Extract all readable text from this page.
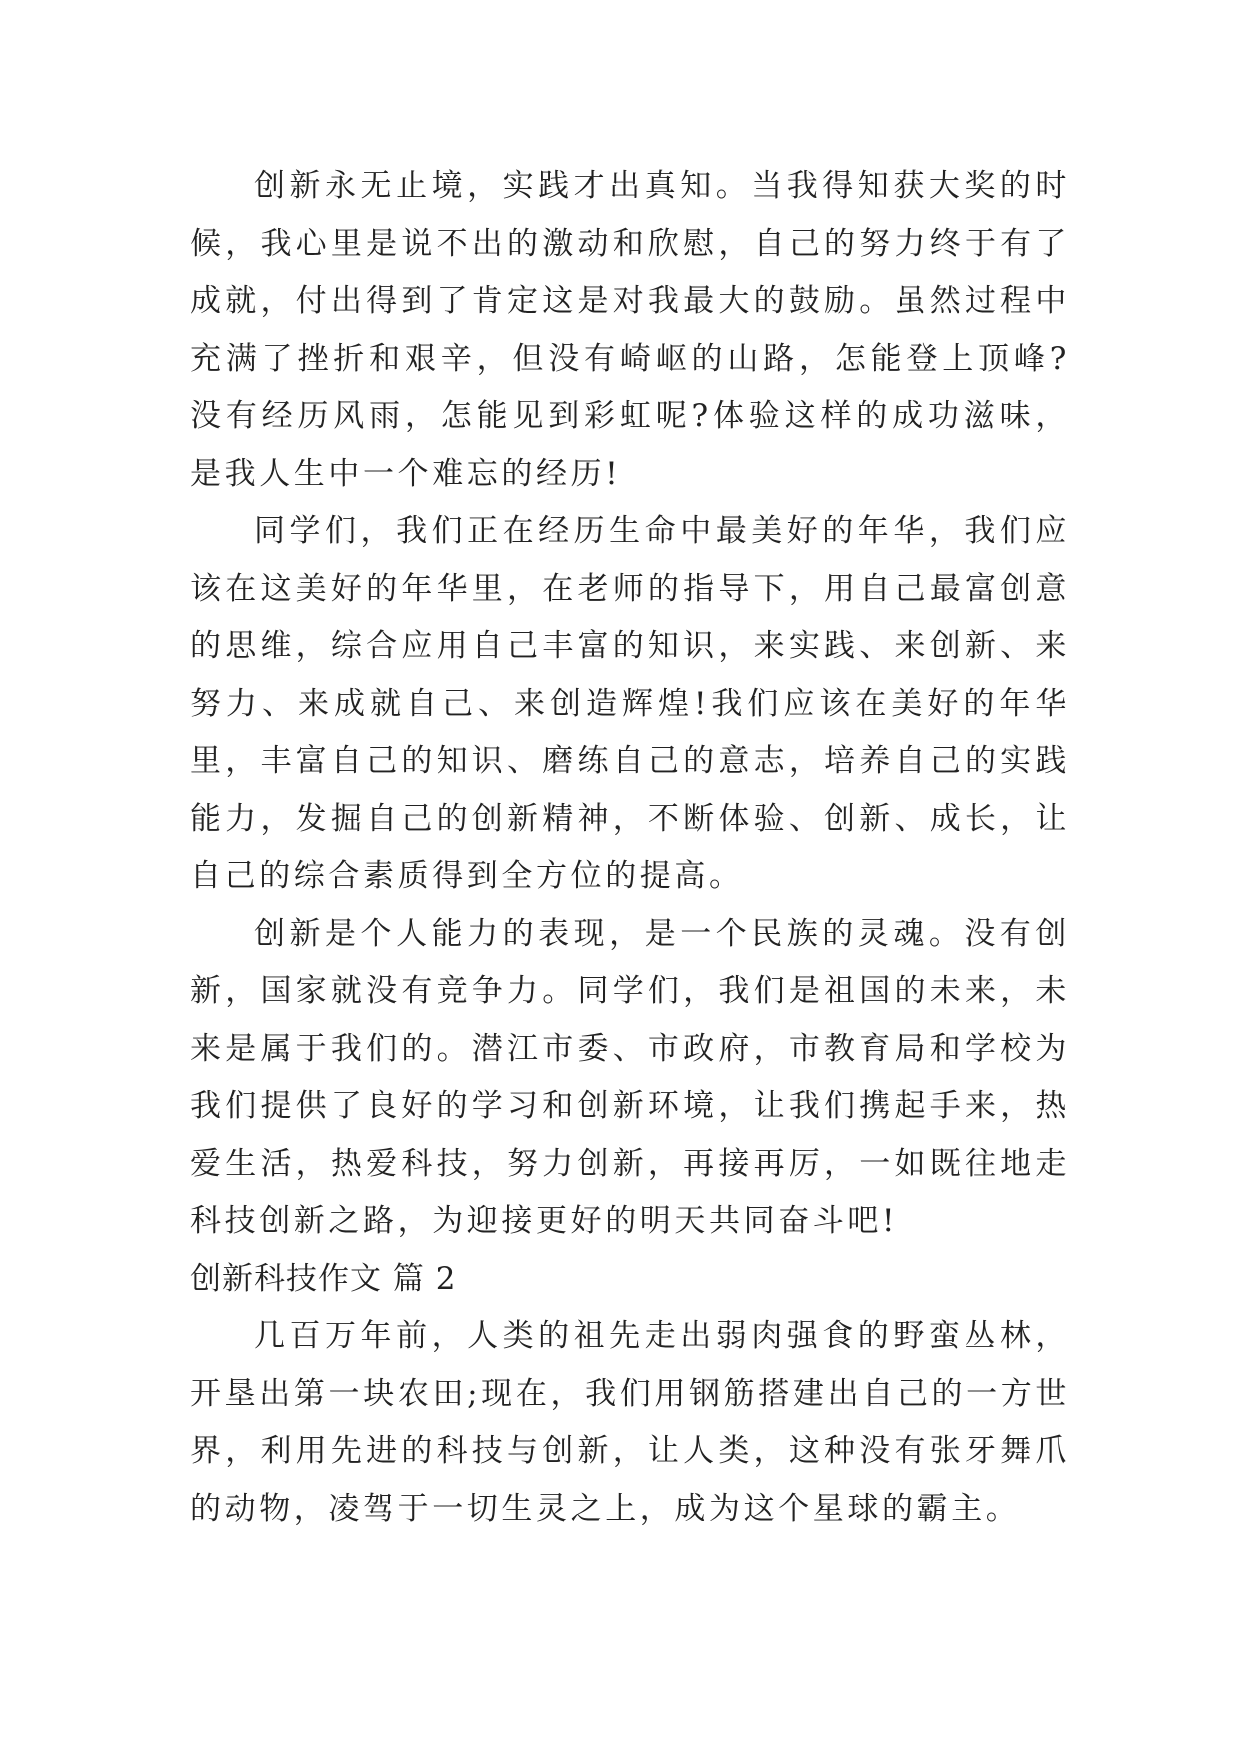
创新永无止境，实践才出真知。当我得知获大奖的时候，我心里是说不出的激动和欣慰，自己的努力终于有了成就，付出得到了肯定这是对我最大的鼓励。虽然过程中充满了挫折和艰辛，但没有崎岖的山路，怎能登上顶峰?没有经历风雨，怎能见到彩虹呢?体验这样的成功滋味，是我人生中一个难忘的经历!

同学们，我们正在经历生命中最美好的年华，我们应该在这美好的年华里，在老师的指导下，用自己最富创意的思维，综合应用自己丰富的知识，来实践、来创新、来努力、来成就自己、来创造辉煌!我们应该在美好的年华里，丰富自己的知识、磨练自己的意志，培养自己的实践能力，发掘自己的创新精神，不断体验、创新、成长，让自己的综合素质得到全方位的提高。

创新是个人能力的表现，是一个民族的灵魂。没有创新，国家就没有竞争力。同学们，我们是祖国的未来，未来是属于我们的。潜江市委、市政府，市教育局和学校为我们提供了良好的学习和创新环境，让我们携起手来，热爱生活，热爱科技，努力创新，再接再厉，一如既往地走科技创新之路，为迎接更好的明天共同奋斗吧!

创新科技作文 篇 2

几百万年前，人类的祖先走出弱肉强食的野蛮丛林，开垦出第一块农田;现在，我们用钢筋搭建出自己的一方世界，利用先进的科技与创新，让人类，这种没有张牙舞爪的动物，凌驾于一切生灵之上，成为这个星球的霸主。
